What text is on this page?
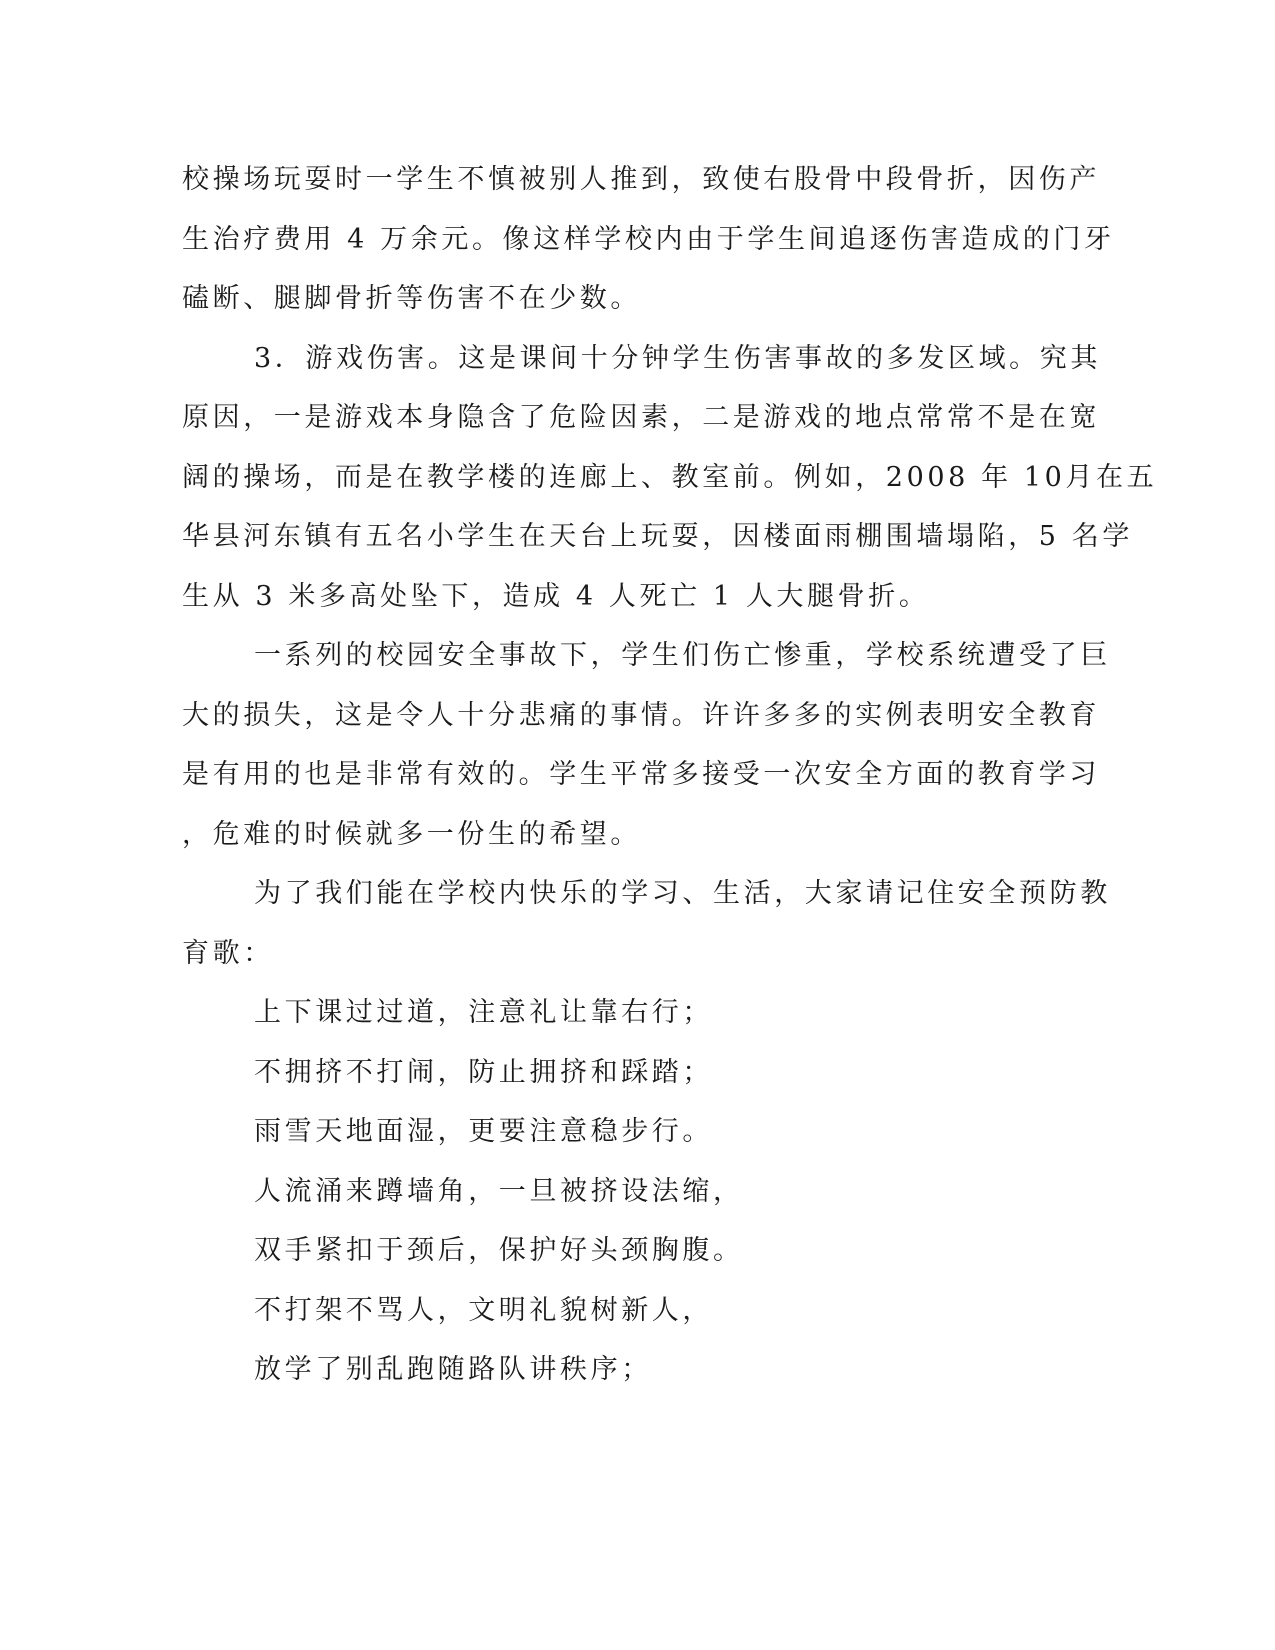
校操场玩耍时一学生不慎被别人推到，致使右股骨中段骨折，因伤产
生治疗费用 4 万余元。像这样学校内由于学生间追逐伤害造成的门牙
磕断、腿脚骨折等伤害不在少数。
3．游戏伤害。这是课间十分钟学生伤害事故的多发区域。究其
原因，一是游戏本身隐含了危险因素，二是游戏的地点常常不是在宽
阔的操场，而是在教学楼的连廊上、教室前。例如，2008 年 10月在五
华县河东镇有五名小学生在天台上玩耍，因楼面雨棚围墙塌陷，5 名学
生从 3 米多高处坠下，造成 4 人死亡 1 人大腿骨折。
一系列的校园安全事故下，学生们伤亡惨重，学校系统遭受了巨
大的损失，这是令人十分悲痛的事情。许许多多的实例表明安全教育
是有用的也是非常有效的。学生平常多接受一次安全方面的教育学习
，危难的时候就多一份生的希望。
为了我们能在学校内快乐的学习、生活，大家请记住安全预防教
育歌：
上下课过过道，注意礼让靠右行；
不拥挤不打闹，防止拥挤和踩踏；
雨雪天地面湿，更要注意稳步行。
人流涌来蹲墙角，一旦被挤设法缩，
双手紧扣于颈后，保护好头颈胸腹。
不打架不骂人，文明礼貌树新人，
放学了别乱跑随路队讲秩序；
